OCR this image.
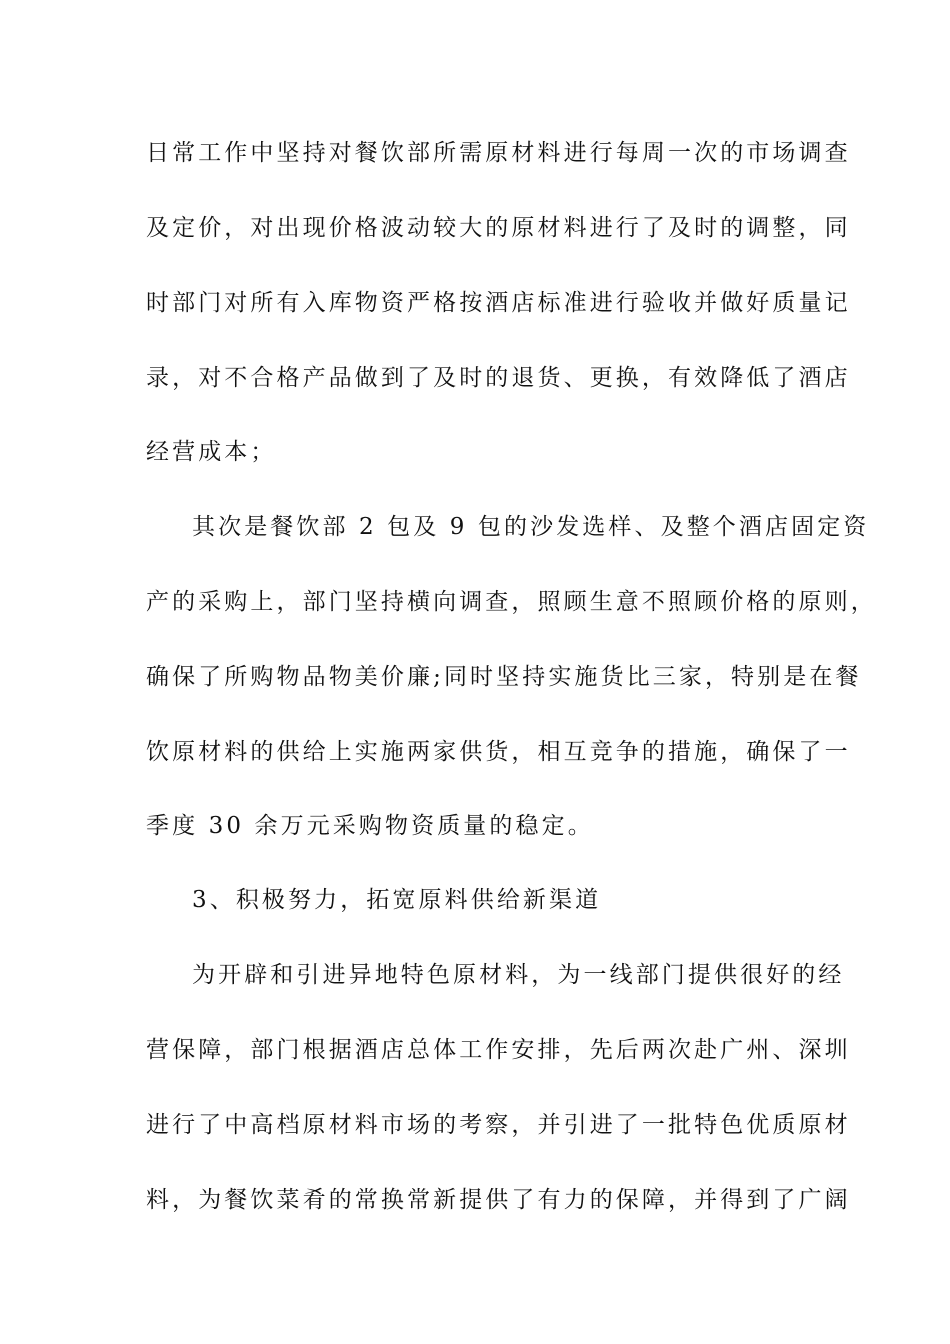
日常工作中坚持对餐饮部所需原材料进行每周一次的市场调查
及定价，对出现价格波动较大的原材料进行了及时的调整，同
时部门对所有入库物资严格按酒店标准进行验收并做好质量记
录，对不合格产品做到了及时的退货、更换，有效降低了酒店
经营成本；
其次是餐饮部 2 包及 9 包的沙发选样、及整个酒店固定资
产的采购上，部门坚持横向调查，照顾生意不照顾价格的原则，
确保了所购物品物美价廉;同时坚持实施货比三家，特别是在餐
饮原材料的供给上实施两家供货，相互竞争的措施，确保了一
季度 30 余万元采购物资质量的稳定。
3、积极努力，拓宽原料供给新渠道
为开辟和引进异地特色原材料，为一线部门提供很好的经
营保障，部门根据酒店总体工作安排，先后两次赴广州、深圳
进行了中高档原材料市场的考察，并引进了一批特色优质原材
料，为餐饮菜肴的常换常新提供了有力的保障，并得到了广阔
